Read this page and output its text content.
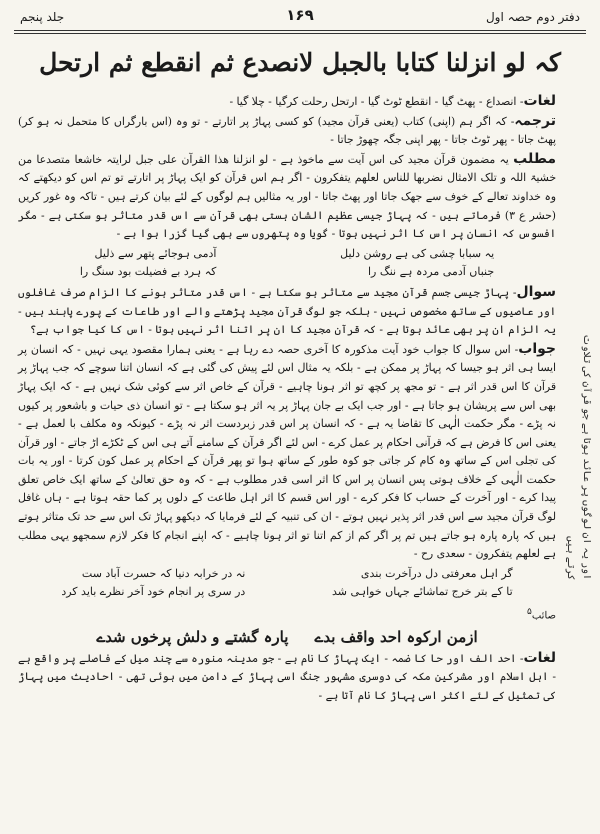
جلد پنجم	۱۶۹	دفتر دوم حصہ اول
کہ لو انزلنا کتابا بالجبل لانصدع ثم انقطع ثم ارتحل

لغات- انصداع - پھٹ گیا - انقطع ٹوٹ گیا - ارتحل رحلت کرگیا - چلا گیا -

ترجمہ- کہ اگر ہم (اپنی) کتاب (یعنی قرآن مجید) کو کسی پہاڑ پر اتارتے - تو وہ (اس بارگراں کا متحمل نہ ہو کر) پھٹ جاتا - پھر ٹوٹ جاتا - پھر اپنی جگہ چھوڑ جاتا -

مطلب یہ مضمون قرآن مجید کی اس آیت سے ماخوذ ہے - لو انزلنا ھذا القرآن علی جبل لرایتہ خاشعا متصدعا من خشیۃ اللہ و تلک الامثال نضربھا للناس لعلھم یتفکرون - اگر ہم اس قرآن کو ایک پہاڑ پر اتارتے تو تم اس کو دیکھتے کہ وہ خداوند تعالے کے خوف سے جھک جاتا اور پھٹ جاتا - اور یہ مثالیں ہم لوگوں کے لئے بیان کرتے ہیں - تاکہ وہ غور کریں (حشر ع ۳) فرماتے ہیں - کہ پہاڑ جیسی عظیم الشان ہستی بھی قرآن سے اس قدر متاثر ہو سکتی ہے - مگر افسوس کہ انسان پر اس کا اثر نہیں ہوتا - گویا وہ پتھروں سے بھی گیا گزرا ہوا ہے -

یہ سبابا چشی کی ہے روشن دلیل
جنباں آدمی مردہ ہے ننگ را
آدمی ہوجائے پتھر سے ذلیل
کہ ہرد بے فضیلت بود سنگ را

سوال- پہاڑ جیسی جسم قرآن مجید سے متاثر ہو سکتا ہے - اس قدر متاثر ہونے کا الزام صرف غافلوں اور عاصیوں کے ساتھ مخصوص نہیں - بلکہ جو لوگ قرآن مجید پڑھتے والے اور طاعات کے پورے پابند ہیں - یہ الزام ان پر بھی عائد ہوتا ہے - کہ قرآن مجید کا ان پر اتنا اثر نہیں ہوتا - اس کا کیا جواب ہے؟

جواب- اس سوال کا جواب خود آیت مذکورہ کا آخری حصہ دے رہا ہے - یعنی ہمارا مقصود یہی نہیں - کہ انسان پر ایسا ہی اثر ہو جیسا کہ پہاڑ پر ممکن ہے - بلکہ یہ مثال اس لئے پیش کی گئی ہے کہ انسان اتنا سوچے کہ جب پہاڑ پر قرآن کا اس قدر اثر ہے - تو مجھ پر کچھ تو اثر ہونا چاہیے - قرآن کے خاص اثر سے کوئی شک نہیں ہے - کہ ایک پہاڑ بھی اس سے پریشان ہو جاتا ہے - اور جب ایک بے جان پہاڑ پر یہ اثر ہو سکتا ہے - تو انسان ذی حیات و باشعور پر کیوں نہ پڑے - مگر حکمت الٰہی کا تقاضا یہ ہے - کہ انسان پر اس قدر زبردست اثر نہ پڑے - کیونکہ وہ مکلف با لعمل ہے - یعنی اس کا فرض ہے کہ قرآنی احکام پر عمل کرے - اس لئے اگر قرآن کے سامنے آتے ہی اس کے ٹکڑے اڑ جاتے - اور قرآن کی تجلی اس کے ساتھ وہ کام کر جاتی جو کوہ طور کے ساتھ ہوا تو پھر قرآن کے احکام پر عمل کون کرتا - اور یہ بات حکمت الٰہی کے خلاف ہوتی پس انسان پر اس کا اثر اسی قدر مطلوب ہے - کہ وہ حق تعالیٰ کے ساتھ ایک خاص تعلق پیدا کرے - اور آخرت کے حساب کا فکر کرے - اور اس قسم کا اثر اہل طاعت کے دلوں پر کما حقہ ہوتا ہے - ہاں غافل لوگ قرآن مجید سے اس قدر اثر پذیر نہیں ہوتے - ان کی تنبیہ کے لئے فرمایا کہ دیکھو پہاڑ تک اس سے حد تک متاثر ہوتے ہیں کہ پارہ پارہ ہو جاتے ہیں تم پر اگر کم از کم اتنا تو اثر ہونا چاہیے - کہ اپنے انجام کا فکر لازم سمجھو یہی مطلب ہے لعلھم یتفکرون - سعدی رح -

گر اہل معرفتی دل درآخرت بندی
تا کے بتر خرج تماشائے جہاں خواہی شد
نہ در خرابہ دنیا کہ حسرت آباد ست
در سری پر انجام خود آخر نظرے باید کرد

صائب۵

ازمن ارکوہ احد واقف بدے     پارہ گشتے و دلش پرخوں شدے

لغات- احد الف اور حا کا ضمہ - ایک پہاڑ کا نام ہے - جو مدینہ منورہ سے چند میل کے فاصلے پر واقع ہے - اہل اسلام اور مشرکین مکہ کی دوسری مشہور جنگ اسی پہاڑ کے دامن میں ہوئی تھی - احادیث میں پہاڑ کی تمثیل کے لئے اکثر اسی پہاڑ کا نام آتا ہے -

اور یہ ان لوگوں پر عائد ہوتا ہے جو قرآن کی تلاوت کرتے ہیں
